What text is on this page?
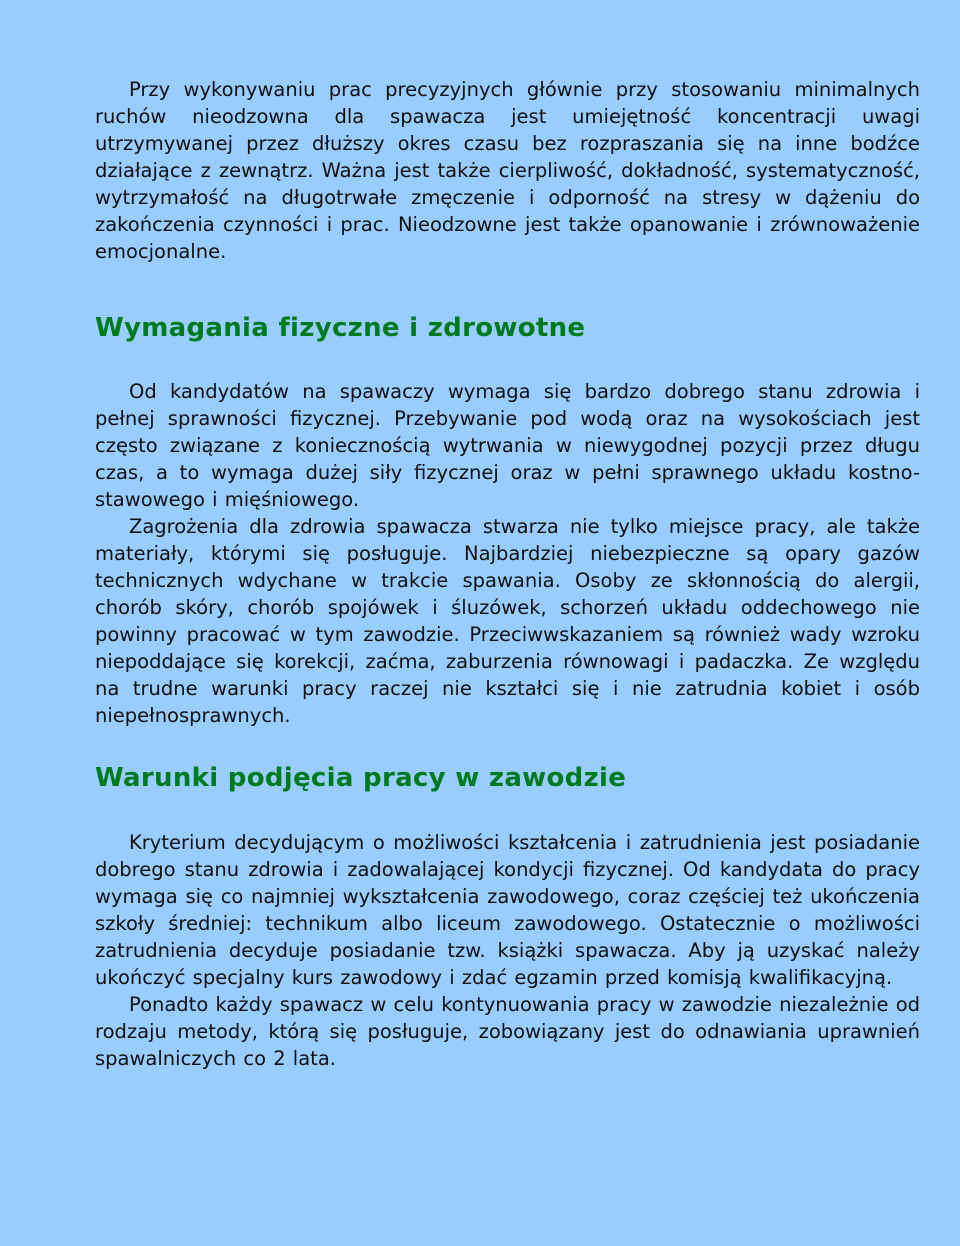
Przy wykonywaniu prac precyzyjnych głównie przy stosowaniu minimalnych ruchów nieodzowna dla spawacza jest umiejętność koncentracji uwagi utrzymywanej przez dłuższy okres czasu bez rozpraszania się na inne bodźce działające z zewnątrz. Ważna jest także cierpliwość, dokładność, systematyczność, wytrzymałość na długotrwałe zmęczenie i odporność na stresy w dążeniu do zakończenia czynności i prac. Nieodzowne jest także opanowanie i zrównoważenie emocjonalne.

Wymagania fizyczne i zdrowotne

Od kandydatów na spawaczy wymaga się bardzo dobrego stanu zdrowia i pełnej sprawności fizycznej. Przebywanie pod wodą oraz na wysokościach jest często związane z koniecznością wytrwania w niewygodnej pozycji przez długu czas, a to wymaga dużej siły fizycznej oraz w pełni sprawnego układu kostno-stawowego i mięśniowego.

Zagrożenia dla zdrowia spawacza stwarza nie tylko miejsce pracy, ale także materiały, którymi się posługuje. Najbardziej niebezpieczne są opary gazów technicznych wdychane w trakcie spawania. Osoby ze skłonnością do alergii, chorób skóry, chorób spojówek i śluzówek, schorzeń układu oddechowego nie powinny pracować w tym zawodzie. Przeciwwskazaniem są również wady wzroku niepoddające się korekcji, zaćma, zaburzenia równowagi i padaczka. Ze względu na trudne warunki pracy raczej nie kształci się i nie zatrudnia kobiet i osób niepełnosprawnych.

Warunki podjęcia pracy w zawodzie

Kryterium decydującym o możliwości kształcenia i zatrudnienia jest posiadanie dobrego stanu zdrowia i zadowalającej kondycji fizycznej. Od kandydata do pracy wymaga się co najmniej wykształcenia zawodowego, coraz częściej też ukończenia szkoły średniej: technikum albo liceum zawodowego. Ostatecznie o możliwości zatrudnienia decyduje posiadanie tzw. książki spawacza. Aby ją uzyskać należy ukończyć specjalny kurs zawodowy i zdać egzamin przed komisją kwalifikacyjną.

Ponadto każdy spawacz w celu kontynuowania pracy w zawodzie niezależnie od rodzaju metody, którą się posługuje, zobowiązany jest do odnawiania uprawnień spawalniczych co 2 lata.
